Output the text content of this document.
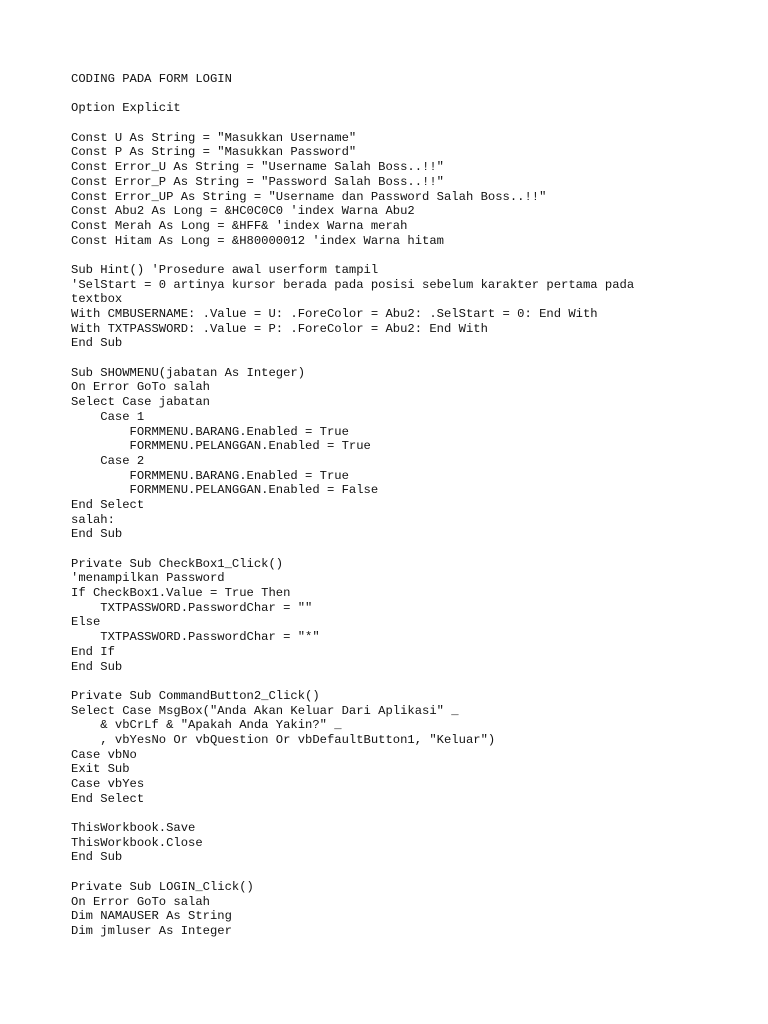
CODING PADA FORM LOGIN
Option Explicit
Const U As String = "Masukkan Username"
Const P As String = "Masukkan Password"
Const Error_U As String = "Username Salah Boss..!!"
Const Error_P As String = "Password Salah Boss..!!"
Const Error_UP As String = "Username dan Password Salah Boss..!!"
Const Abu2 As Long = &HC0C0C0 'index Warna Abu2
Const Merah As Long = &HFF& 'index Warna merah
Const Hitam As Long = &H80000012 'index Warna hitam
Sub Hint() 'Prosedure awal userform tampil
'SelStart = 0 artinya kursor berada pada posisi sebelum karakter pertama pada
textbox
With CMBUSERNAME: .Value = U: .ForeColor = Abu2: .SelStart = 0: End With
With TXTPASSWORD: .Value = P: .ForeColor = Abu2: End With
End Sub
Sub SHOWMENU(jabatan As Integer)
On Error GoTo salah
Select Case jabatan
Case 1
FORMMENU.BARANG.Enabled = True
FORMMENU.PELANGGAN.Enabled = True
Case 2
FORMMENU.BARANG.Enabled = True
FORMMENU.PELANGGAN.Enabled = False
End Select
salah:
End Sub
Private Sub CheckBox1_Click()
'menampilkan Password
If CheckBox1.Value = True Then
TXTPASSWORD.PasswordChar = ""
Else
TXTPASSWORD.PasswordChar = "*"
End If
End Sub
Private Sub CommandButton2_Click()
Select Case MsgBox("Anda Akan Keluar Dari Aplikasi" _
& vbCrLf & "Apakah Anda Yakin?" _
, vbYesNo Or vbQuestion Or vbDefaultButton1, "Keluar")
Case vbNo
Exit Sub
Case vbYes
End Select
ThisWorkbook.Save
ThisWorkbook.Close
End Sub
Private Sub LOGIN_Click()
On Error GoTo salah
Dim NAMAUSER As String
Dim jmluser As Integer
